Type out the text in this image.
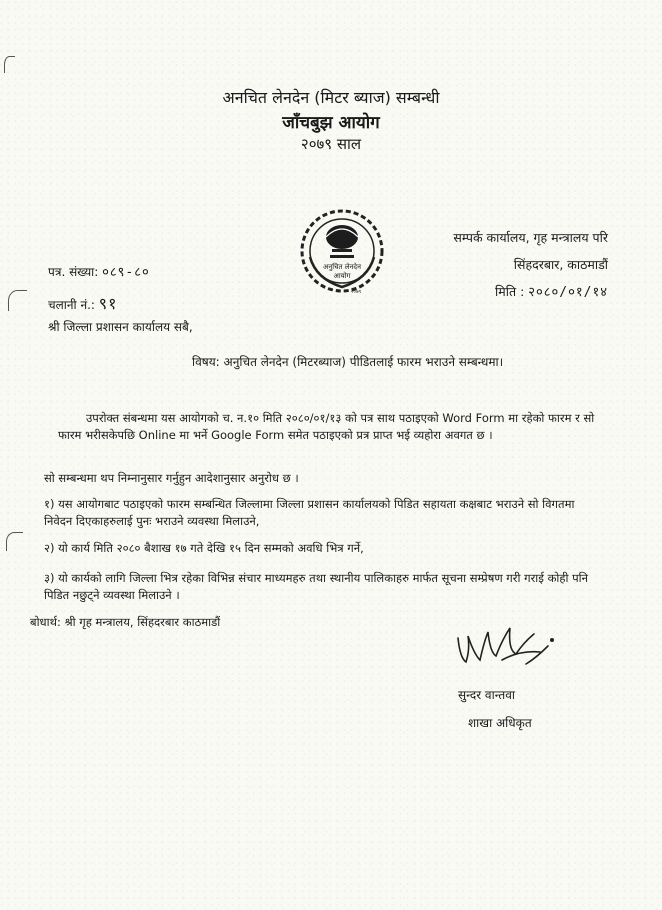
अनचित लेनदेन (मिटर ब्याज) सम्बन्धी
जाँचबुझ आयोग
२०७९ साल
अनुचित लेनदेन
आयोग
२०७९
सम्पर्क कार्यालय, गृह मन्त्रालय परि
सिंहदरबार, काठमाडौं
मिति : २०८०/०१/१४
पत्र. संख्या: ०८९-८०
चलानी नं.: ९१
श्री जिल्ला प्रशासन कार्यालय सबै,
विषय: अनुचित लेनदेन (मिटरब्याज) पीडितलाई फारम भराउने सम्बन्धमा।
उपरोक्त संबन्धमा यस आयोगको च. न.१० मिति २०८०/०१/१३ को पत्र साथ पठाइएको Word Form मा रहेको फारम र सो फारम भरीसकेपछि Online मा भर्ने Google Form समेत पठाइएको प्रत्र प्राप्त भई व्यहोरा अवगत छ ।
सो सम्बन्धमा थप निम्नानुसार गर्नुहुन आदेशानुसार अनुरोध छ ।
१) यस आयोगबाट पठाइएको फारम सम्बन्धित जिल्लामा जिल्ला प्रशासन कार्यालयको पिडित सहायता कक्षबाट भराउने सो विगतमा निवेदन दिएकाहरुलाई पुनः भराउने व्यवस्था मिलाउने,
२) यो कार्य मिति २०८० बैशाख १७ गते देखि १५ दिन सम्मको अवधि भित्र गर्ने,
३) यो कार्यको लागि जिल्ला भित्र रहेका विभिन्न संचार माध्यमहरु तथा स्थानीय पालिकाहरु मार्फत सूचना सम्प्रेषण गरी गराई कोही पनि पिडित नछुट्ने व्यवस्था मिलाउने ।
बोधार्थ: श्री गृह मन्त्रालय, सिंहदरबार काठमाडौं
सुन्दर वान्तवा
शाखा अधिकृत
